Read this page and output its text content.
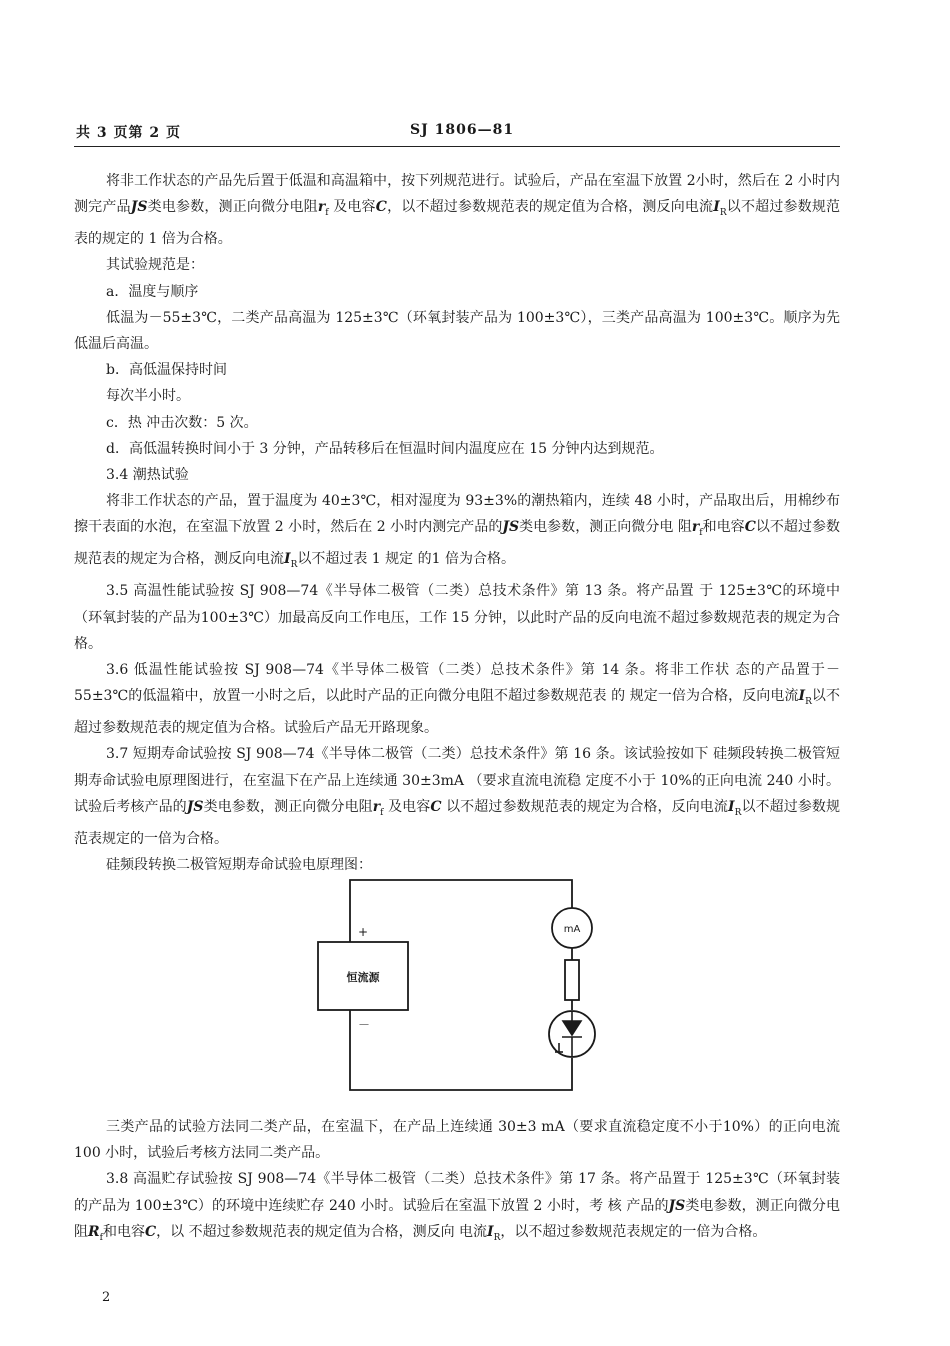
共 3 页第 2 页	SJ 1806—81

将非工作状态的产品先后置于低温和高温箱中，按下列规范进行。试验后，产品在室温下放置 2小时，然后在 2 小时内测完产品JS类电参数，测正向微分电阻$r_f$ 及电容C，以不超过参数规范表的规定值为合格，测反向电流$I_R$以不超过参数规范表的规定的 1 倍为合格。

其试验规范是：

a．温度与顺序

低温为－55±3℃，二类产品高温为 125±3℃（环氧封装产品为 100±3℃），三类产品高温为 100±3℃。顺序为先低温后高温。

b．高低温保持时间

每次半小时。

c．热 冲击次数：5 次。

d．高低温转换时间小于 3 分钟，产品转移后在恒温时间内温度应在 15 分钟内达到规范。

3.4 潮热试验

将非工作状态的产品，置于温度为 40±3℃，相对湿度为 93±3%的潮热箱内，连续 48 小时，产品取出后，用棉纱布擦干表面的水泡，在室温下放置 2 小时，然后在 2 小时内测完产品的JS类电参数，测正向微分电 阻$r_f$和电容C以不超过参数规范表的规定为合格，测反向电流$I_R$以不超过表 1 规定 的1 倍为合格。

3.5 高温性能试验按 SJ 908—74《半导体二极管（二类）总技术条件》第 13 条。将产品置 于 125±3℃的环境中（环氧封装的产品为100±3℃）加最高反向工作电压，工作 15 分钟，以此时产品的反向电流不超过参数规范表的规定为合格。

3.6 低温性能试验按 SJ 908—74《半导体二极管（二类）总技术条件》第 14 条。将非工作状 态的产品置于－55±3℃的低温箱中，放置一小时之后，以此时产品的正向微分电阻不超过参数规范表 的 规定一倍为合格，反向电流$I_R$以不超过参数规范表的规定值为合格。试验后产品无开路现象。

3.7 短期寿命试验按 SJ 908—74《半导体二极管（二类）总技术条件》第 16 条。该试验按如下 硅频段转换二极管短期寿命试验电原理图进行，在室温下在产品上连续通 30±3mA （要求直流电流稳 定度不小于 10%的正向电流 240 小时。试验后考核产品的JS类电参数，测正向微分电阻$r_f$ 及电容C 以不超过参数规范表的规定为合格，反向电流$I_R$以不超过参数规范表规定的一倍为合格。

硅频段转换二极管短期寿命试验电原理图：

mA
恒流源
+
－

三类产品的试验方法同二类产品，在室温下，在产品上连续通 30±3 mA（要求直流稳定度不小于10%）的正向电流 100 小时，试验后考核方法同二类产品。

3.8 高温贮存试验按 SJ 908—74《半导体二极管（二类）总技术条件》第 17 条。将产品置于 125±3℃（环氧封装的产品为 100±3℃）的环境中连续贮存 240 小时。试验后在室温下放置 2 小时，考 核 产品的JS类电参数，测正向微分电阻$R_f$和电容C，以 不超过参数规范表的规定值为合格，测反向 电流$I_R$，以不超过参数规范表规定的一倍为合格。

2
